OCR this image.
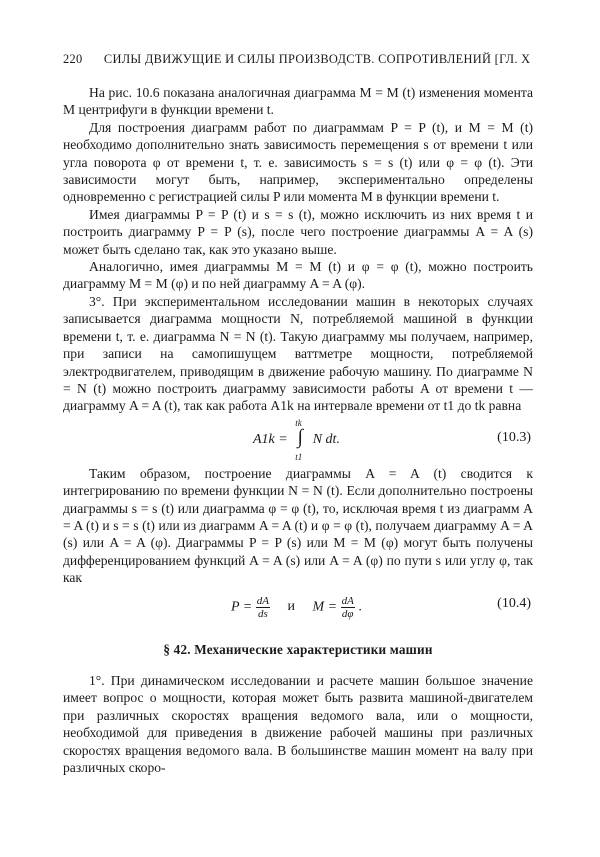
220 СИЛЫ ДВИЖУЩИЕ И СИЛЫ ПРОИЗВОДСТВ. СОПРОТИВЛЕНИЙ [ГЛ. X

На рис. 10.6 показана аналогичная диаграмма M = M (t) изменения момента M центрифуги в функции времени t.

Для построения диаграмм работ по диаграммам P = P (t), и M = M (t) необходимо дополнительно знать зависимость перемещения s от времени t или угла поворота φ от времени t, т. е. зависимость s = s (t) или φ = φ (t). Эти зависимости могут быть, например, экспериментально определены одновременно с регистрацией силы P или момента M в функции времени t.

Имея диаграммы P = P (t) и s = s (t), можно исключить из них время t и построить диаграмму P = P (s), после чего построение диаграммы A = A (s) может быть сделано так, как это указано выше.

Аналогично, имея диаграммы M = M (t) и φ = φ (t), можно построить диаграмму M = M (φ) и по ней диаграмму A = A (φ).

3°. При экспериментальном исследовании машин в некоторых случаях записывается диаграмма мощности N, потребляемой машиной в функции времени t, т. е. диаграмма N = N (t). Такую диаграмму мы получаем, например, при записи на самопишущем ваттметре мощности, потребляемой электродвигателем, приводящим в движение рабочую машину. По диаграмме N = N (t) можно построить диаграмму зависимости работы A от времени t — диаграмму A = A (t), так как работа A1k на интервале времени от t1 до tk равна

A1k =
tk
∫
t1
N dt.	(10.3)

Таким образом, построение диаграммы A = A (t) сводится к интегрированию по времени функции N = N (t). Если дополнительно построены диаграммы s = s (t) или диаграмма φ = φ (t), то, исключая время t из диаграмм A = A (t) и s = s (t) или из диаграмм A = A (t) и φ = φ (t), получаем диаграмму A = A (s) или A = A (φ). Диаграммы P = P (s) или M = M (φ) могут быть получены дифференцированием функций A = A (s) или A = A (φ) по пути s или углу φ, так как

$P = \frac{dA}{ds}$ и $M = \frac{dA}{d\varphi}$ .	(10.4)
§ 42. Механические характеристики машин

1°. При динамическом исследовании и расчете машин большое значение имеет вопрос о мощности, которая может быть развита машиной-двигателем при различных скоростях вращения ведомого вала, или о мощности, необходимой для приведения в движение рабочей машины при различных скоростях вращения ведомого вала. В большинстве машин момент на валу при различных скоро-
